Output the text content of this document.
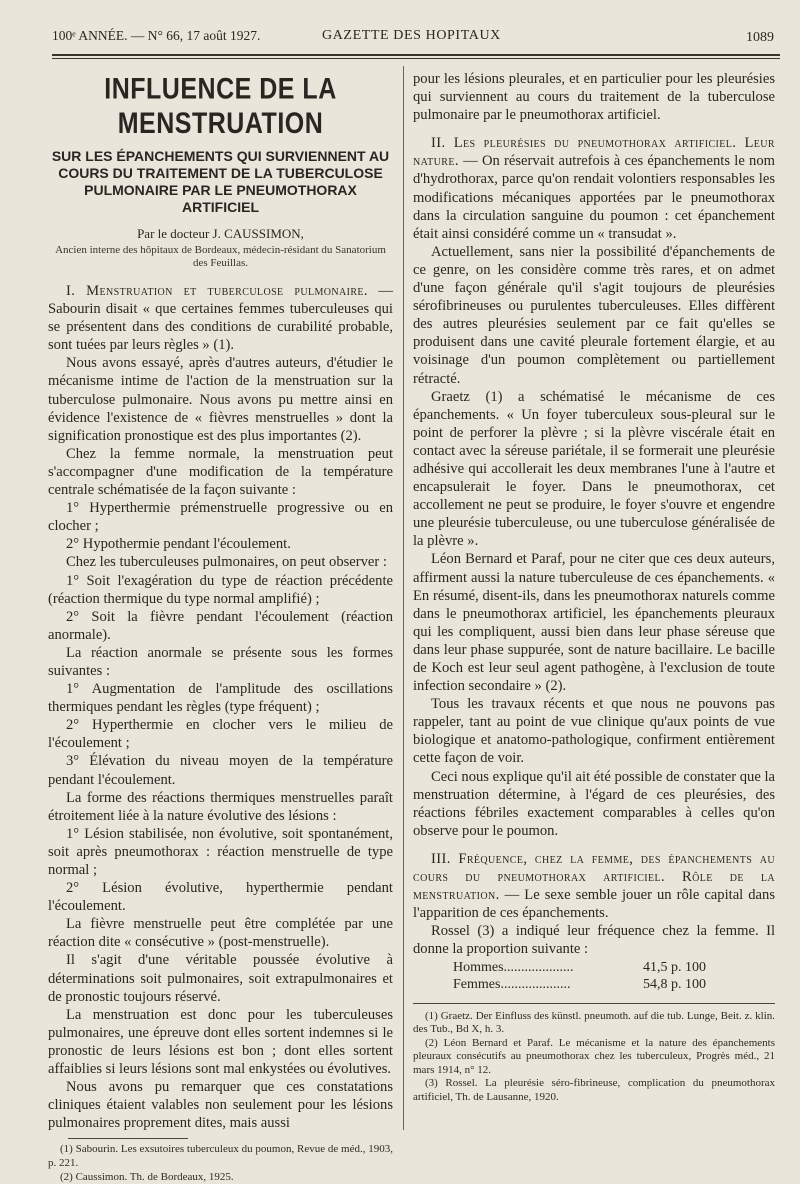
100ᵉ ANNÉE. — N° 66, 17 août 1927.	GAZETTE DES HOPITAUX	1089
INFLUENCE DE LA MENSTRUATION
SUR LES ÉPANCHEMENTS QUI SURVIENNENT AU COURS DU TRAITEMENT DE LA TUBERCULOSE PULMONAIRE PAR LE PNEUMOTHORAX ARTIFICIEL
Par le docteur J. CAUSSIMON,
Ancien interne des hôpitaux de Bordeaux, médecin-résidant du Sanatorium des Feuillas.

I. Menstruation et tuberculose pulmonaire. — Sabourin disait « que certaines femmes tuberculeuses qui se présentent dans des conditions de curabilité probable, sont tuées par leurs règles » (1).

Nous avons essayé, après d'autres auteurs, d'étudier le mécanisme intime de l'action de la menstruation sur la tuberculose pulmonaire. Nous avons pu mettre ainsi en évidence l'existence de « fièvres menstruelles » dont la signification pronostique est des plus importantes (2).

Chez la femme normale, la menstruation peut s'accompagner d'une modification de la température centrale schématisée de la façon suivante :

1° Hyperthermie prémenstruelle progressive ou en clocher ;

2° Hypothermie pendant l'écoulement.

Chez les tuberculeuses pulmonaires, on peut observer :

1° Soit l'exagération du type de réaction précédente (réaction thermique du type normal amplifié) ;

2° Soit la fièvre pendant l'écoulement (réaction anormale).

La réaction anormale se présente sous les formes suivantes :

1° Augmentation de l'amplitude des oscillations thermiques pendant les règles (type fréquent) ;

2° Hyperthermie en clocher vers le milieu de l'écoulement ;

3° Élévation du niveau moyen de la température pendant l'écoulement.

La forme des réactions thermiques menstruelles paraît étroitement liée à la nature évolutive des lésions :

1° Lésion stabilisée, non évolutive, soit spontanément, soit après pneumothorax : réaction menstruelle de type normal ;

2° Lésion évolutive, hyperthermie pendant l'écoulement.

La fièvre menstruelle peut être complétée par une réaction dite « consécutive » (post-menstruelle).

Il s'agit d'une véritable poussée évolutive à déterminations soit pulmonaires, soit extrapulmonaires et de pronostic toujours réservé.

La menstruation est donc pour les tuberculeuses pulmonaires, une épreuve dont elles sortent indemnes si le pronostic de leurs lésions est bon ; dont elles sortent affaiblies si leurs lésions sont mal enkystées ou évolutives.

Nous avons pu remarquer que ces constatations cliniques étaient valables non seulement pour les lésions pulmonaires proprement dites, mais aussi

(1) Sabourin. Les exsutoires tuberculeux du poumon, Revue de méd., 1903, p. 221.

(2) Caussimon. Th. de Bordeaux, 1925.

pour les lésions pleurales, et en particulier pour les pleurésies qui surviennent au cours du traitement de la tuberculose pulmonaire par le pneumothorax artificiel.

II. Les pleurésies du pneumothorax artificiel. Leur nature. — On réservait autrefois à ces épanchements le nom d'hydrothorax, parce qu'on rendait volontiers responsables les modifications mécaniques apportées par le pneumothorax dans la circulation sanguine du poumon : cet épanchement était ainsi considéré comme un « transudat ».

Actuellement, sans nier la possibilité d'épanchements de ce genre, on les considère comme très rares, et on admet d'une façon générale qu'il s'agit toujours de pleurésies sérofibrineuses ou purulentes tuberculeuses. Elles diffèrent des autres pleurésies seulement par ce fait qu'elles se produisent dans une cavité pleurale fortement élargie, et au voisinage d'un poumon complètement ou partiellement rétracté.

Graetz (1) a schématisé le mécanisme de ces épanchements. « Un foyer tuberculeux sous-pleural sur le point de perforer la plèvre ; si la plèvre viscérale était en contact avec la séreuse pariétale, il se formerait une pleurésie adhésive qui accollerait les deux membranes l'une à l'autre et encapsulerait le foyer. Dans le pneumothorax, cet accollement ne peut se produire, le foyer s'ouvre et engendre une pleurésie tuberculeuse, ou une tuberculose généralisée de la plèvre ».

Léon Bernard et Paraf, pour ne citer que ces deux auteurs, affirment aussi la nature tuberculeuse de ces épanchements. « En résumé, disent-ils, dans les pneumothorax naturels comme dans le pneumothorax artificiel, les épanchements pleuraux qui les compliquent, aussi bien dans leur phase séreuse que dans leur phase suppurée, sont de nature bacillaire. Le bacille de Koch est leur seul agent pathogène, à l'exclusion de toute infection secondaire » (2).

Tous les travaux récents et que nous ne pouvons pas rappeler, tant au point de vue clinique qu'aux points de vue biologique et anatomo-pathologique, confirment entièrement cette façon de voir.

Ceci nous explique qu'il ait été possible de constater que la menstruation détermine, à l'égard de ces pleurésies, des réactions fébriles exactement comparables à celles qu'on observe pour le poumon.

III. Fréquence, chez la femme, des épanchements au cours du pneumothorax artificiel. Rôle de la menstruation. — Le sexe semble jouer un rôle capital dans l'apparition de ces épanchements.

Rossel (3) a indiqué leur fréquence chez la femme. Il donne la proportion suivante :

Hommes....................	41,5 p. 100
Femmes....................	54,8 p. 100

(1) Graetz. Der Einfluss des künstl. pneumoth. auf die tub. Lunge, Beit. z. klin. des Tub., Bd X, h. 3.

(2) Léon Bernard et Paraf. Le mécanisme et la nature des épanchements pleuraux consécutifs au pneumothorax chez les tuberculeux, Progrès méd., 21 mars 1914, n° 12.

(3) Rossel. La pleurésie séro-fibrineuse, complication du pneumothorax artificiel, Th. de Lausanne, 1920.
